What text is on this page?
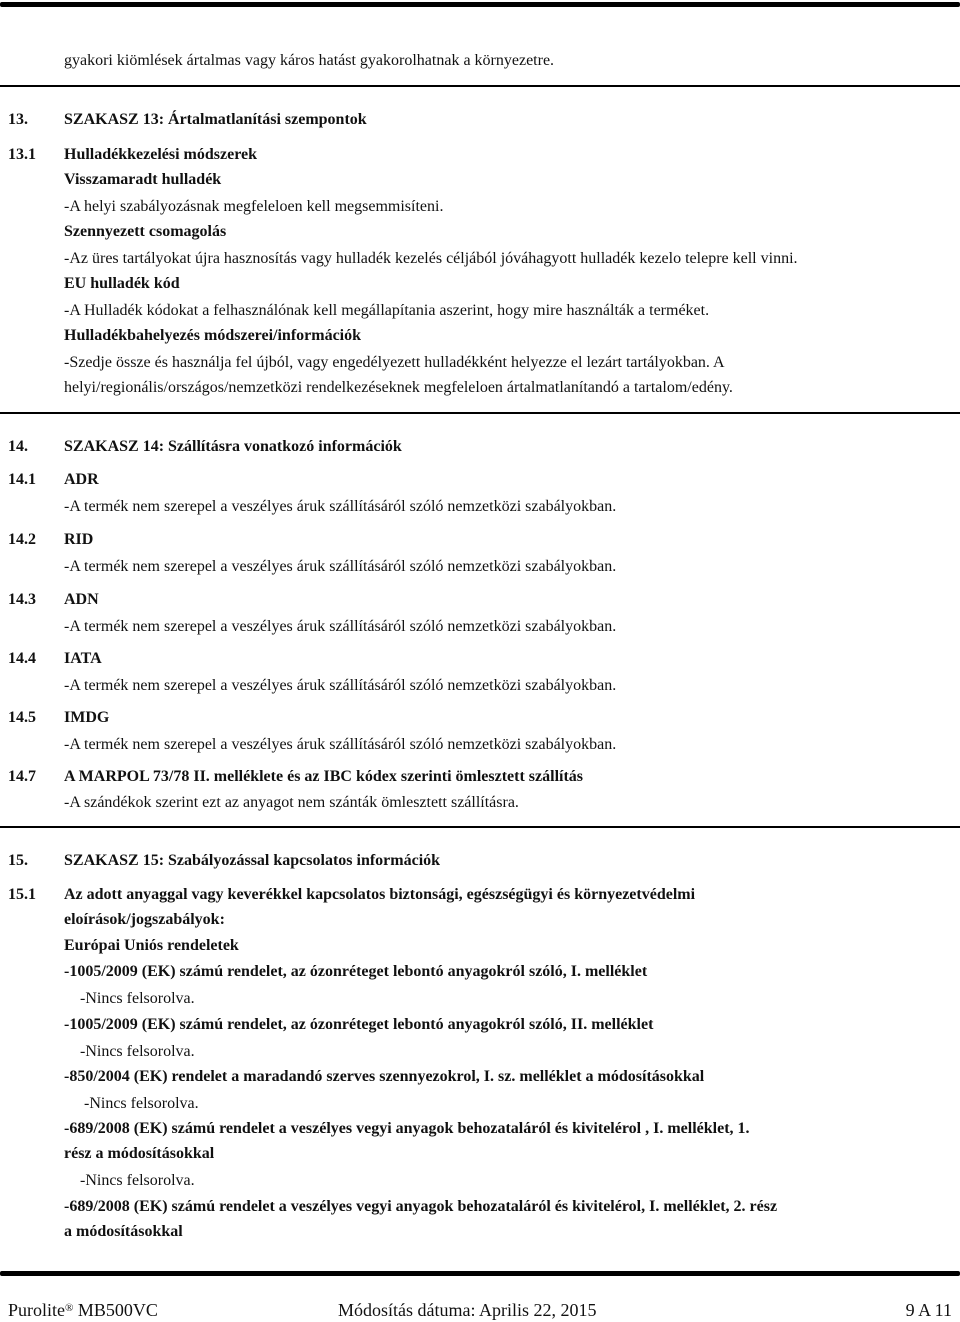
gyakori kiömlések ártalmas vagy káros hatást gyakorolhatnak a környezetre.
13. SZAKASZ 13: Ártalmatlanítási szempontok
13.1 Hulladékkezelési módszerek
Visszamaradt hulladék
-A helyi szabályozásnak megfeleloen kell megsemmisíteni.
Szennyezett csomagolás
-Az üres tartályokat újra hasznosítás vagy hulladék kezelés céljából jóváhagyott hulladék kezelo telepre kell vinni.
EU hulladék kód
-A Hulladék kódokat a felhasználónak kell megállapítania aszerint, hogy mire használták a terméket.
Hulladékbahelyezés módszerei/információk
-Szedje össze és használja fel újból, vagy engedélyezett hulladékként helyezze el lezárt tartályokban. A
helyi/regionális/országos/nemzetközi rendelkezéseknek megfeleloen ártalmatlanítandó a tartalom/edény.
14. SZAKASZ 14: Szállításra vonatkozó információk
14.1 ADR
-A termék nem szerepel a veszélyes áruk szállításáról szóló nemzetközi szabályokban.
14.2 RID
-A termék nem szerepel a veszélyes áruk szállításáról szóló nemzetközi szabályokban.
14.3 ADN
-A termék nem szerepel a veszélyes áruk szállításáról szóló nemzetközi szabályokban.
14.4 IATA
-A termék nem szerepel a veszélyes áruk szállításáról szóló nemzetközi szabályokban.
14.5 IMDG
-A termék nem szerepel a veszélyes áruk szállításáról szóló nemzetközi szabályokban.
14.7 A MARPOL 73/78 II. melléklete és az IBC kódex szerinti ömlesztett szállítás
-A szándékok szerint ezt az anyagot nem szánták ömlesztett szállításra.
15. SZAKASZ 15: Szabályozással kapcsolatos információk
15.1 Az adott anyaggal vagy keverékkel kapcsolatos biztonsági, egészségügyi és környezetvédelmi
eloírások/jogszabályok:
Európai Uniós rendeletek
-1005/2009 (EK) számú rendelet, az ózonréteget lebontó anyagokról szóló, I. melléklet
-Nincs felsorolva.
-1005/2009 (EK) számú rendelet, az ózonréteget lebontó anyagokról szóló, II. melléklet
-Nincs felsorolva.
-850/2004 (EK) rendelet a maradandó szerves szennyezokrol, I. sz. melléklet a módosításokkal
-Nincs felsorolva.
-689/2008 (EK) számú rendelet a veszélyes vegyi anyagok behozataláról és kivitelérol , I. melléklet, 1.
rész a módosításokkal
-Nincs felsorolva.
-689/2008 (EK) számú rendelet a veszélyes vegyi anyagok behozataláról és kivitelérol, I. melléklet, 2. rész
a módosításokkal
Purolite® MB500VC	Módosítás dátuma: Aprilis 22, 2015	9 A 11
